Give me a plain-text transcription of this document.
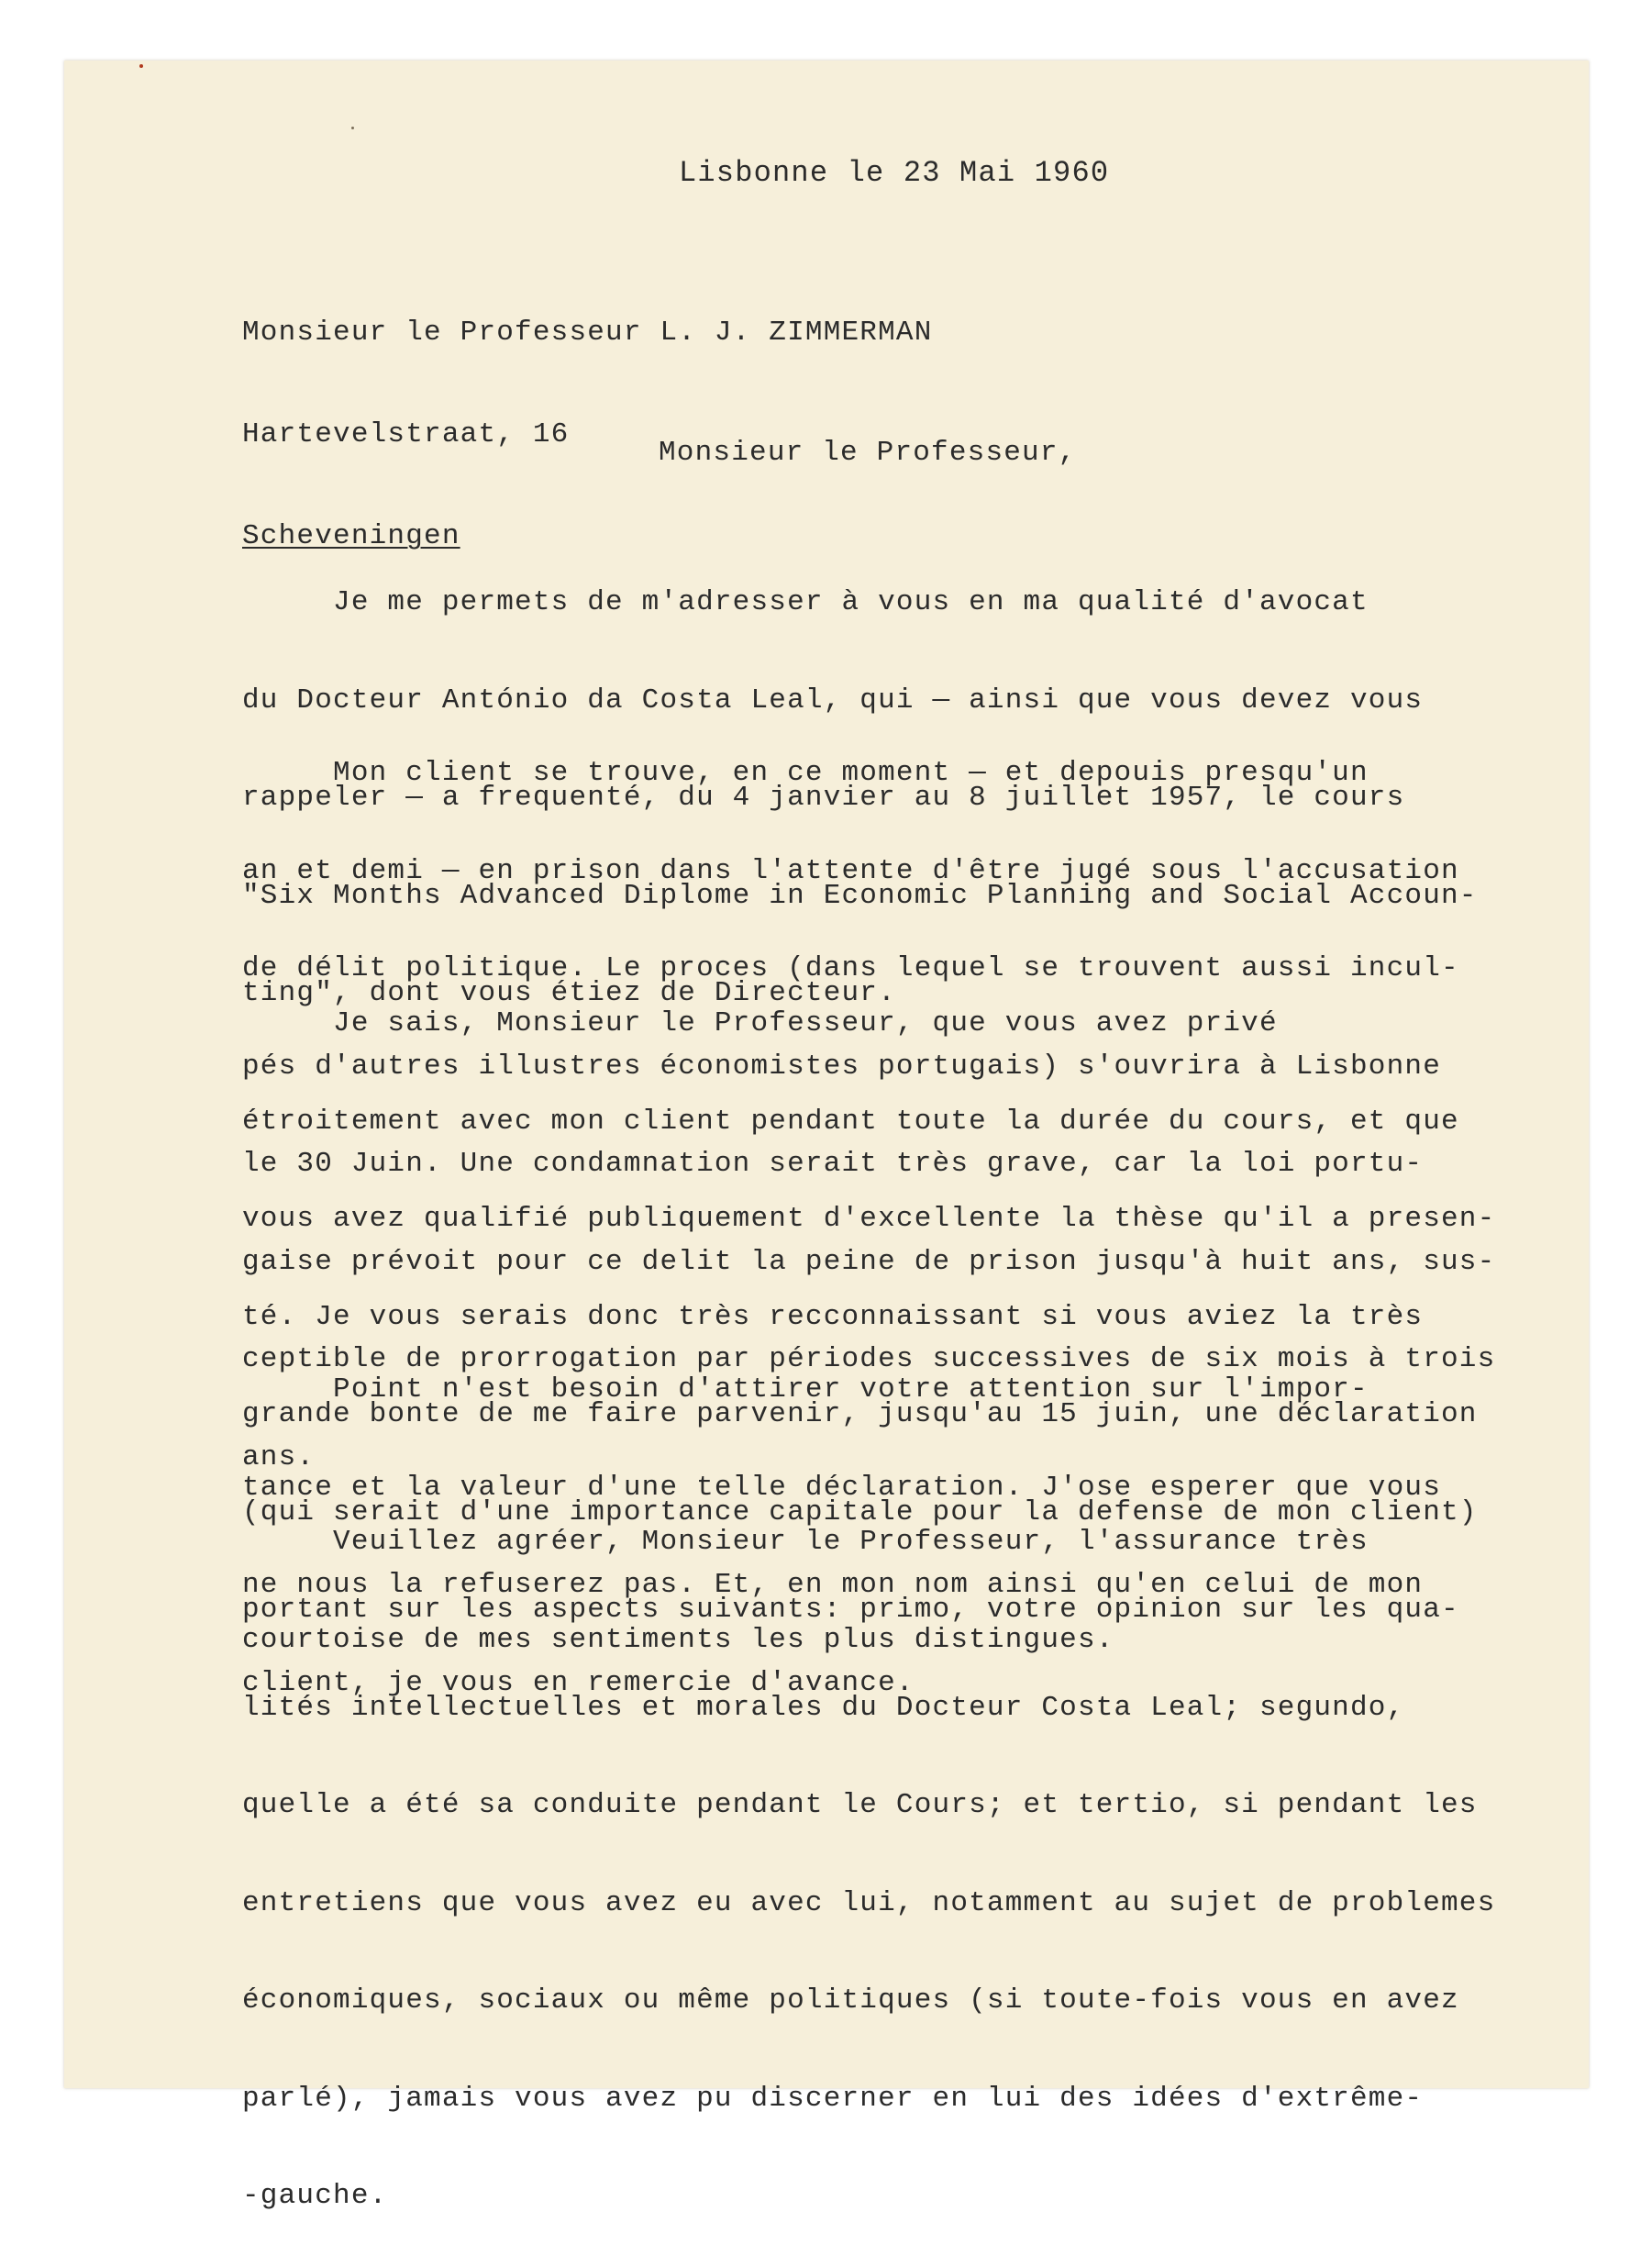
Lisbonne le 23 Mai 1960

Monsieur le Professeur L. J. ZIMMERMAN

Hartevelstraat, 16

Scheveningen

Monsieur le Professeur,

Je me permets de m'adresser à vous en ma qualité d'avocat

du Docteur António da Costa Leal, qui — ainsi que vous devez vous

rappeler — a frequenté, du 4 janvier au 8 juillet 1957, le cours

"Six Months Advanced Diplome in Economic Planning and Social Accoun-

ting", dont vous étiez de Directeur.

Mon client se trouve, en ce moment — et depouis presqu'un

an et demi — en prison dans l'attente d'être jugé sous l'accusation

de délit politique. Le proces (dans lequel se trouvent aussi incul-

pés d'autres illustres économistes portugais) s'ouvrira à Lisbonne

le 30 Juin. Une condamnation serait très grave, car la loi portu-

gaise prévoit pour ce delit la peine de prison jusqu'à huit ans, sus-

ceptible de prorrogation par périodes successives de six mois à trois

ans.

Je sais, Monsieur le Professeur, que vous avez privé

étroitement avec mon client pendant toute la durée du cours, et que

vous avez qualifié publiquement d'excellente la thèse qu'il a presen-

té. Je vous serais donc très recconnaissant si vous aviez la très

grande bonte de me faire parvenir, jusqu'au 15 juin, une déclaration

(qui serait d'une importance capitale pour la defense de mon client)

portant sur les aspects suivants: primo, votre opinion sur les qua-

lités intellectuelles et morales du Docteur Costa Leal; segundo,

quelle a été sa conduite pendant le Cours; et tertio, si pendant les

entretiens que vous avez eu avec lui, notamment au sujet de problemes

économiques, sociaux ou même politiques (si toute-fois vous en avez

parlé), jamais vous avez pu discerner en lui des idées d'extrême-

-gauche.

Point n'est besoin d'attirer votre attention sur l'impor-

tance et la valeur d'une telle déclaration. J'ose esperer que vous

ne nous la refuserez pas. Et, en mon nom ainsi qu'en celui de mon

client, je vous en remercie d'avance.

Veuillez agréer, Monsieur le Professeur, l'assurance très

courtoise de mes sentiments les plus distingues.
